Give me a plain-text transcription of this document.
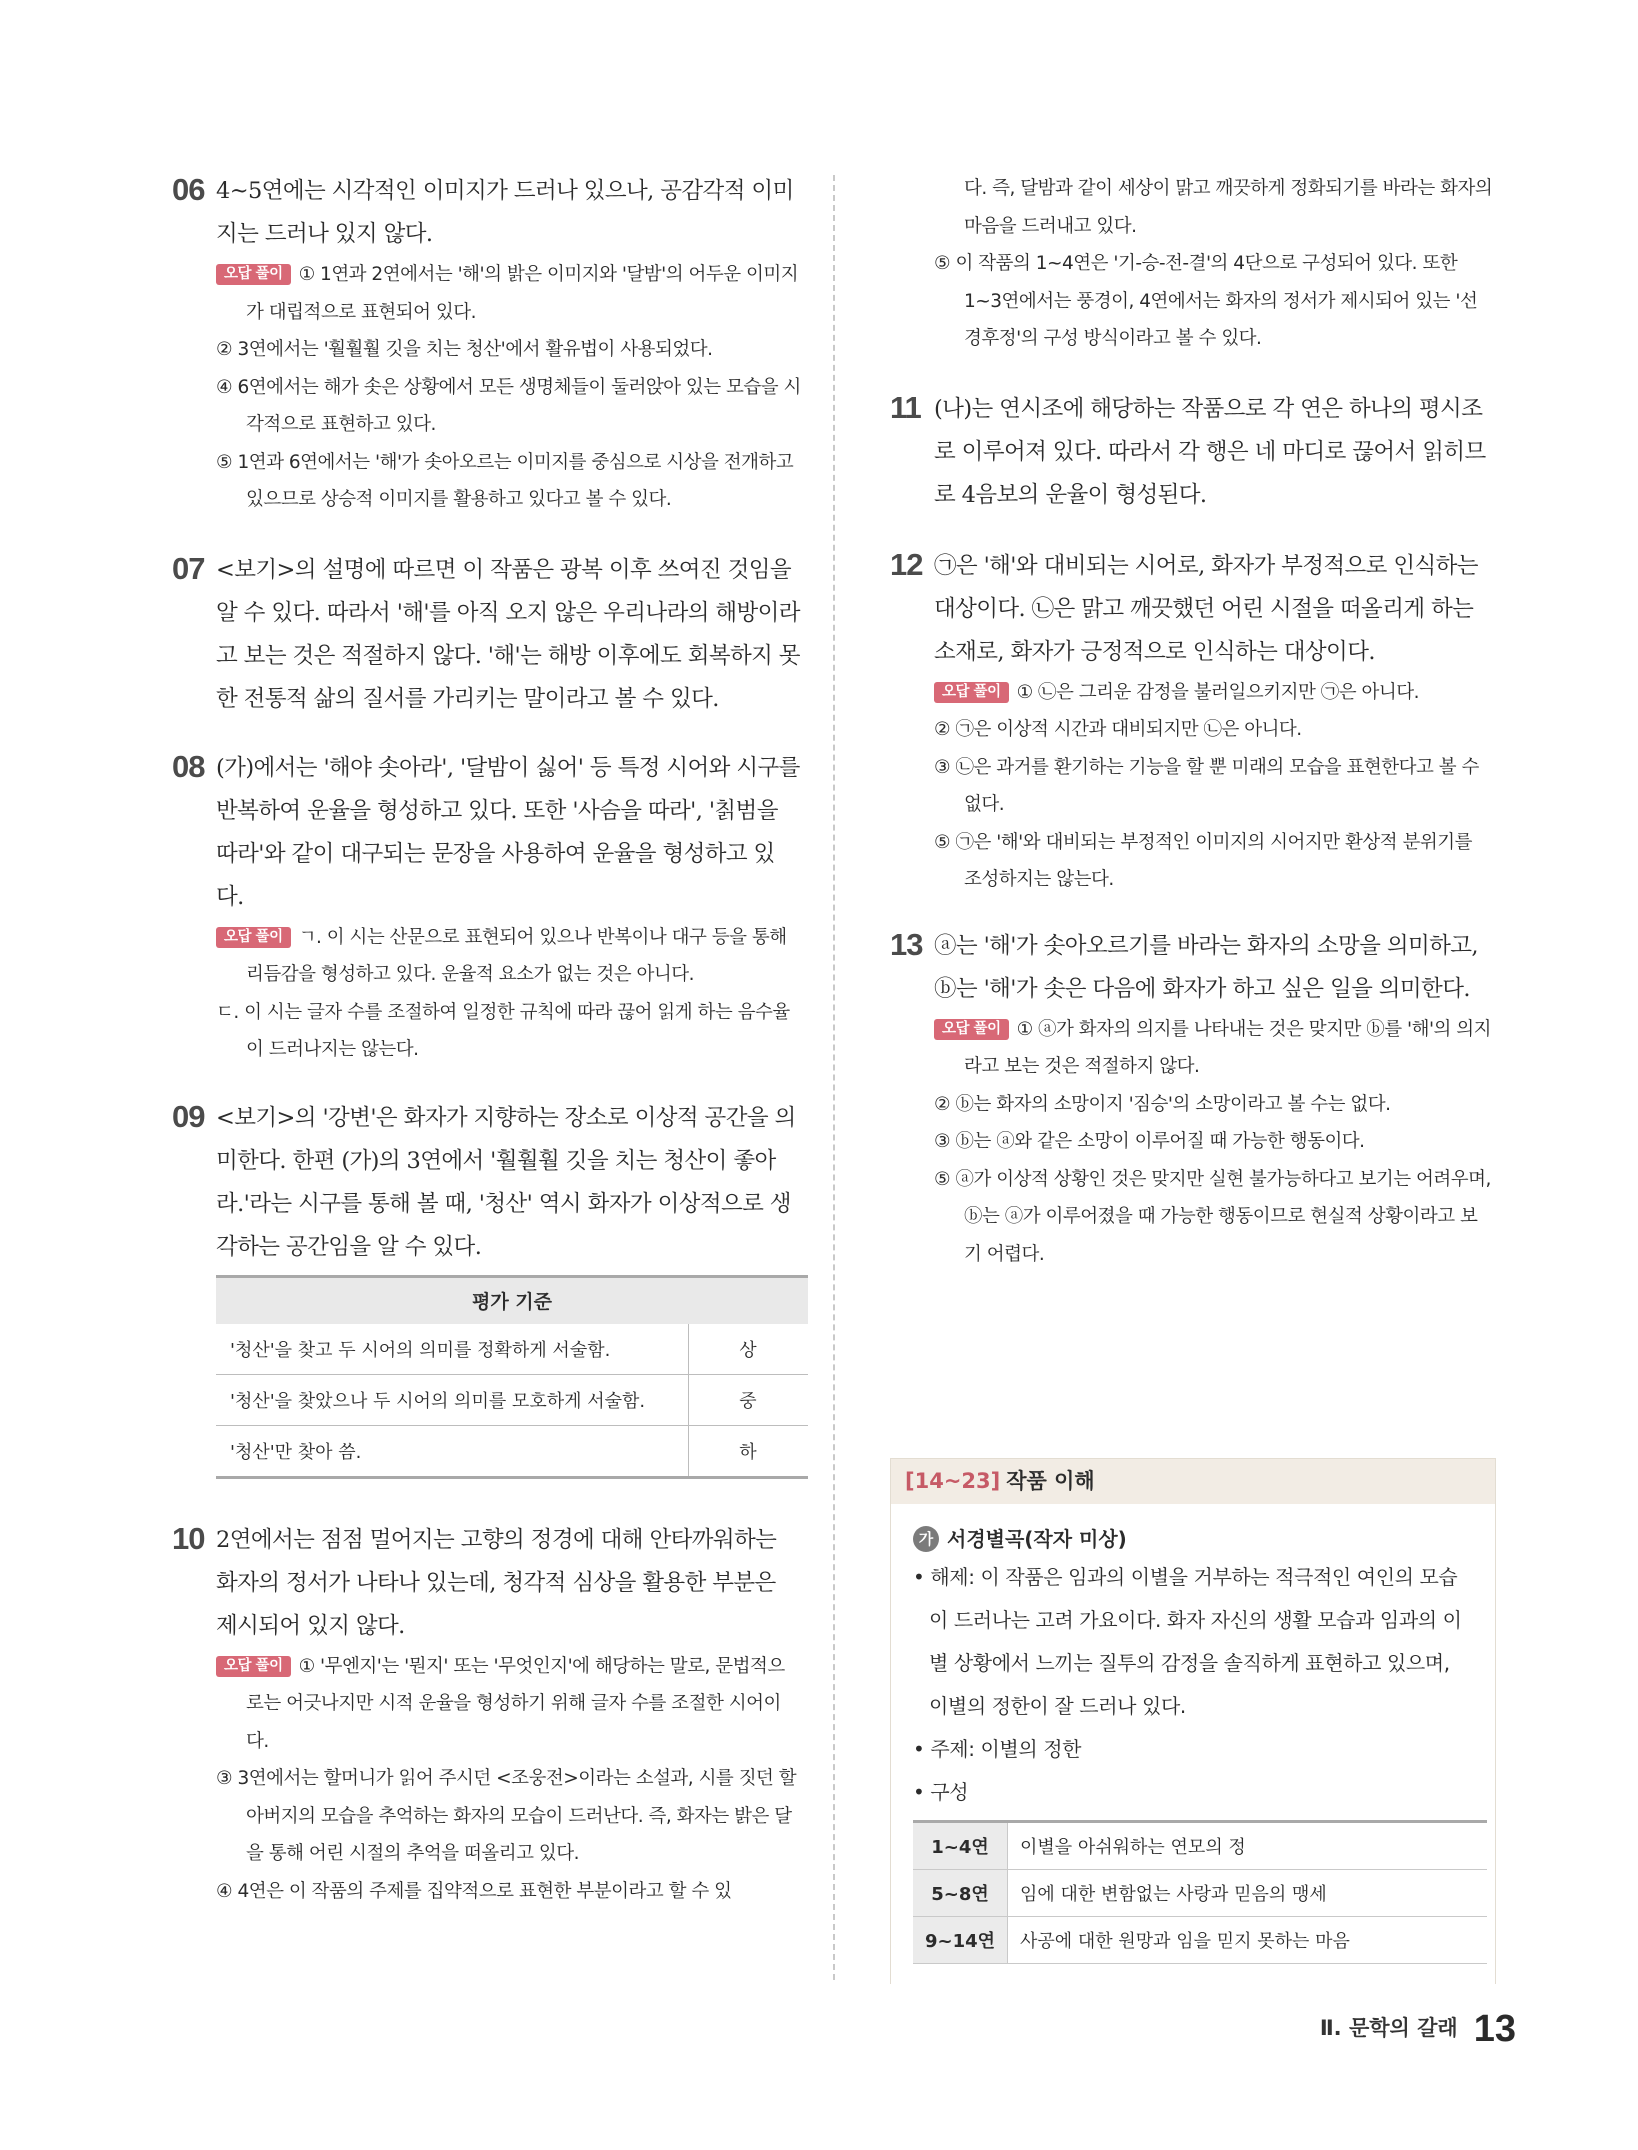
06 4~5연에는 시각적인 이미지가 드러나 있으나, 공감각적 이미지는 드러나 있지 않다.

오답 풀이 ① 1연과 2연에서는 '해'의 밝은 이미지와 '달밤'의 어두운 이미지가 대립적으로 표현되어 있다.

② 3연에서는 '훨훨훨 깃을 치는 청산'에서 활유법이 사용되었다.

④ 6연에서는 해가 솟은 상황에서 모든 생명체들이 둘러앉아 있는 모습을 시각적으로 표현하고 있다.

⑤ 1연과 6연에서는 '해'가 솟아오르는 이미지를 중심으로 시상을 전개하고 있으므로 상승적 이미지를 활용하고 있다고 볼 수 있다.

07 <보기>의 설명에 따르면 이 작품은 광복 이후 쓰여진 것임을 알 수 있다. 따라서 '해'를 아직 오지 않은 우리나라의 해방이라고 보는 것은 적절하지 않다. '해'는 해방 이후에도 회복하지 못한 전통적 삶의 질서를 가리키는 말이라고 볼 수 있다.

08 (가)에서는 '해야 솟아라', '달밤이 싫어' 등 특정 시어와 시구를 반복하여 운율을 형성하고 있다. 또한 '사슴을 따라', '칡범을 따라'와 같이 대구되는 문장을 사용하여 운율을 형성하고 있다.

오답 풀이 ㄱ. 이 시는 산문으로 표현되어 있으나 반복이나 대구 등을 통해 리듬감을 형성하고 있다. 운율적 요소가 없는 것은 아니다.

ㄷ. 이 시는 글자 수를 조절하여 일정한 규칙에 따라 끊어 읽게 하는 음수율이 드러나지는 않는다.

09 <보기>의 '강변'은 화자가 지향하는 장소로 이상적 공간을 의미한다. 한편 (가)의 3연에서 '훨훨훨 깃을 치는 청산이 좋아라.'라는 시구를 통해 볼 때, '청산' 역시 화자가 이상적으로 생각하는 공간임을 알 수 있다.

평가 기준	
'청산'을 찾고 두 시어의 의미를 정확하게 서술함.	상
'청산'을 찾았으나 두 시어의 의미를 모호하게 서술함.	중
'청산'만 찾아 씀.	하
10 2연에서는 점점 멀어지는 고향의 정경에 대해 안타까워하는 화자의 정서가 나타나 있는데, 청각적 심상을 활용한 부분은 제시되어 있지 않다.

오답 풀이 ① '무엔지'는 '뭔지' 또는 '무엇인지'에 해당하는 말로, 문법적으로는 어긋나지만 시적 운율을 형성하기 위해 글자 수를 조절한 시어이다.

③ 3연에서는 할머니가 읽어 주시던 <조웅전>이라는 소설과, 시를 짓던 할아버지의 모습을 추억하는 화자의 모습이 드러난다. 즉, 화자는 밝은 달을 통해 어린 시절의 추억을 떠올리고 있다.

④ 4연은 이 작품의 주제를 집약적으로 표현한 부분이라고 할 수 있

다. 즉, 달밤과 같이 세상이 맑고 깨끗하게 정화되기를 바라는 화자의 마음을 드러내고 있다.

⑤ 이 작품의 1~4연은 '기-승-전-결'의 4단으로 구성되어 있다. 또한 1~3연에서는 풍경이, 4연에서는 화자의 정서가 제시되어 있는 '선경후정'의 구성 방식이라고 볼 수 있다.

11 (나)는 연시조에 해당하는 작품으로 각 연은 하나의 평시조로 이루어져 있다. 따라서 각 행은 네 마디로 끊어서 읽히므로 4음보의 운율이 형성된다.

12 ㉠은 '해'와 대비되는 시어로, 화자가 부정적으로 인식하는 대상이다. ㉡은 맑고 깨끗했던 어린 시절을 떠올리게 하는 소재로, 화자가 긍정적으로 인식하는 대상이다.

오답 풀이 ① ㉡은 그리운 감정을 불러일으키지만 ㉠은 아니다.

② ㉠은 이상적 시간과 대비되지만 ㉡은 아니다.

③ ㉡은 과거를 환기하는 기능을 할 뿐 미래의 모습을 표현한다고 볼 수 없다.

⑤ ㉠은 '해'와 대비되는 부정적인 이미지의 시어지만 환상적 분위기를 조성하지는 않는다.

13 ⓐ는 '해'가 솟아오르기를 바라는 화자의 소망을 의미하고, ⓑ는 '해'가 솟은 다음에 화자가 하고 싶은 일을 의미한다.

오답 풀이 ① ⓐ가 화자의 의지를 나타내는 것은 맞지만 ⓑ를 '해'의 의지라고 보는 것은 적절하지 않다.

② ⓑ는 화자의 소망이지 '짐승'의 소망이라고 볼 수는 없다.

③ ⓑ는 ⓐ와 같은 소망이 이루어질 때 가능한 행동이다.

⑤ ⓐ가 이상적 상황인 것은 맞지만 실현 불가능하다고 보기는 어려우며, ⓑ는 ⓐ가 이루어졌을 때 가능한 행동이므로 현실적 상황이라고 보기 어렵다.

[14~23] 작품 이해

가 서경별곡(작자 미상)

• 해제: 이 작품은 임과의 이별을 거부하는 적극적인 여인의 모습이 드러나는 고려 가요이다. 화자 자신의 생활 모습과 임과의 이별 상황에서 느끼는 질투의 감정을 솔직하게 표현하고 있으며, 이별의 정한이 잘 드러나 있다.

• 주제: 이별의 정한

• 구성

1~4연	이별을 아쉬워하는 연모의 정
5~8연	임에 대한 변함없는 사랑과 믿음의 맹세
9~14연	사공에 대한 원망과 임을 믿지 못하는 마음
Ⅱ. 문학의 갈래 13
